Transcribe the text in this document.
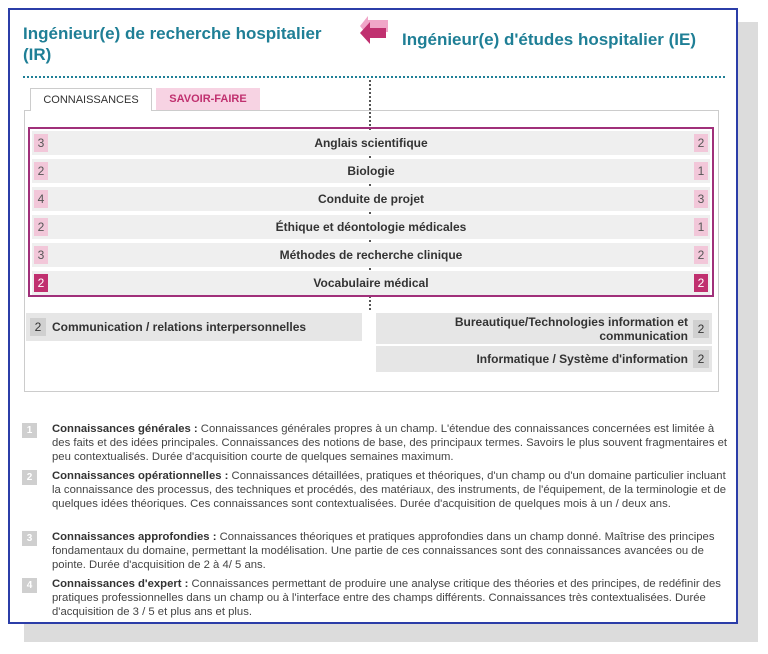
Ingénieur(e) de recherche hospitalier (IR)
Ingénieur(e) d'études hospitalier (IE)
CONNAISSANCES	SAVOIR-FAIRE
3	Anglais scientifique	2
2	Biologie	1
4	Conduite de projet	3
2	Éthique et déontologie médicales	1
3	Méthodes de recherche clinique	2
2	Vocabulaire médical	2
2 Communication / relations interpersonnelles	Bureautique/Technologies information et communication 2
Informatique / Système d'information 2
1	Connaissances générales : Connaissances générales propres à un champ. L'étendue des connaissances concernées est limitée à des faits et des idées principales. Connaissances des notions de base, des principaux termes. Savoirs le plus souvent fragmentaires et peu contextualisés. Durée d'acquisition courte de quelques semaines maximum.
2	Connaissances opérationnelles : Connaissances détaillées, pratiques et théoriques, d'un champ ou d'un domaine particulier incluant la connaissance des processus, des techniques et procédés, des matériaux, des instruments, de l'équipement, de la terminologie et de quelques idées théoriques. Ces connaissances sont contextualisées. Durée d'acquisition de quelques mois à un / deux ans.
3	Connaissances approfondies : Connaissances théoriques et pratiques approfondies dans un champ donné. Maîtrise des principes fondamentaux du domaine, permettant la modélisation. Une partie de ces connaissances sont des connaissances avancées ou de pointe. Durée d'acquisition de 2 à 4/ 5 ans.
4	Connaissances d'expert : Connaissances permettant de produire une analyse critique des théories et des principes, de redéfinir des pratiques professionnelles dans un champ ou à l'interface entre des champs différents. Connaissances très contextualisées. Durée d'acquisition de 3 / 5 et plus ans et plus.
